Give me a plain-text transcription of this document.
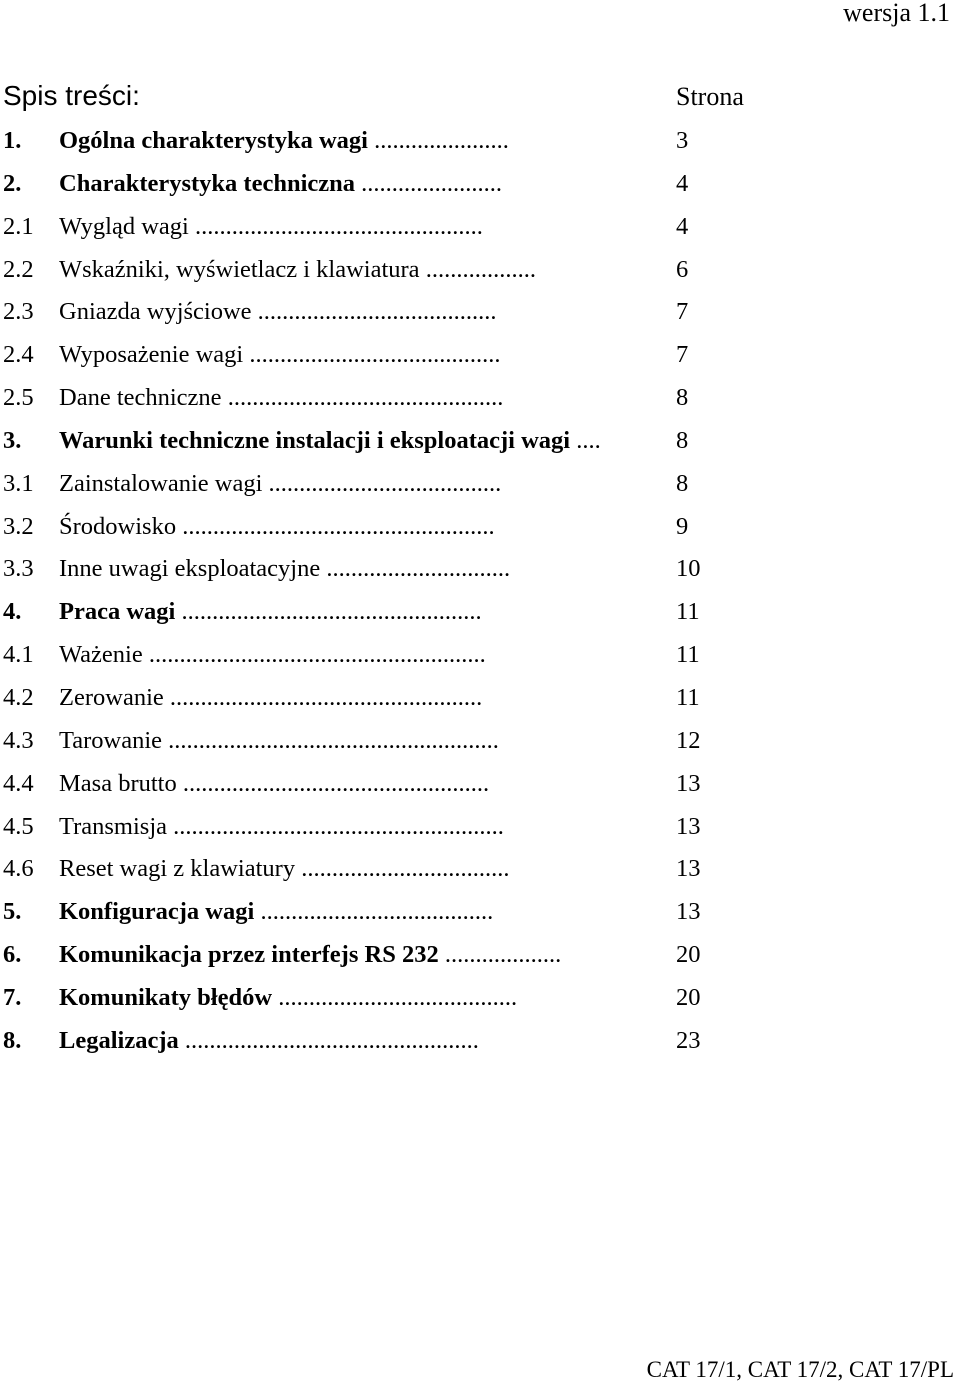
wersja 1.1
Spis treści:	Strona
1. Ogólna charakterystyka wagi ......................	3
2. Charakterystyka techniczna .......................	4
2.1 Wygląd wagi ...............................................	4
2.2 Wskaźniki, wyświetlacz i klawiatura ..................	6
2.3 Gniazda wyjściowe .......................................	7
2.4 Wyposażenie wagi .........................................	7
2.5 Dane techniczne .............................................	8
3. Warunki techniczne instalacji i eksploatacji wagi ....	8
3.1 Zainstalowanie wagi ......................................	8
3.2 Środowisko ...................................................	9
3.3 Inne uwagi eksploatacyjne ..............................	10
4. Praca wagi .................................................	11
4.1 Ważenie .......................................................	11
4.2 Zerowanie ...................................................	11
4.3 Tarowanie ......................................................	12
4.4 Masa brutto ..................................................	13
4.5 Transmisja ......................................................	13
4.6 Reset wagi z klawiatury ..................................	13
5. Konfiguracja wagi ......................................	13
6. Komunikacja przez interfejs RS 232 ...................	20
7. Komunikaty błędów .......................................	20
8. Legalizacja ................................................	23
CAT 17/1, CAT 17/2, CAT 17/PL
